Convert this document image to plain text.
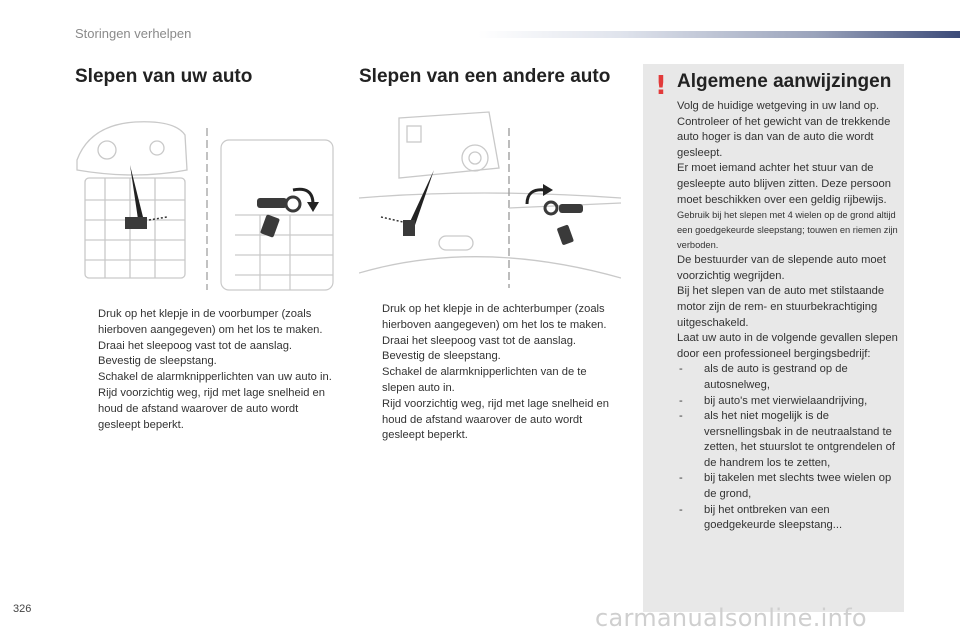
Storingen verhelpen
Slepen van uw auto
Druk op het klepje in de voorbumper (zoals hierboven aangegeven) om het los te maken.
Draai het sleepoog vast tot de aanslag.
Bevestig de sleepstang.
Schakel de alarmknipperlichten van uw auto in.
Rijd voorzichtig weg, rijd met lage snelheid en houd de afstand waarover de auto wordt gesleept beperkt.
Slepen van een andere auto
Druk op het klepje in de achterbumper (zoals hierboven aangegeven) om het los te maken.
Draai het sleepoog vast tot de aanslag.
Bevestig de sleepstang.
Schakel de alarmknipperlichten van de te slepen auto in.
Rijd voorzichtig weg, rijd met lage snelheid en houd de afstand waarover de auto wordt gesleept beperkt.
! Algemene aanwijzingen

Volg de huidige wetgeving in uw land op.

Controleer of het gewicht van de trekkende auto hoger is dan van de auto die wordt gesleept.

Er moet iemand achter het stuur van de gesleepte auto blijven zitten. Deze persoon moet beschikken over een geldig rijbewijs.

Gebruik bij het slepen met 4 wielen op de grond altijd een goedgekeurde sleepstang; touwen en riemen zijn verboden.

De bestuurder van de slepende auto moet voorzichtig wegrijden.

Bij het slepen van de auto met stilstaande motor zijn de rem- en stuurbekrachtiging uitgeschakeld.

Laat uw auto in de volgende gevallen slepen door een professioneel bergingsbedrijf:

- als de auto is gestrand op de autosnelweg,
- bij auto's met vierwielaandrijving,
- als het niet mogelijk is de versnellingsbak in de neutraalstand te zetten, het stuurslot te ontgrendelen of de handrem los te zetten,
- bij takelen met slechts twee wielen op de grond,
- bij het ontbreken van een goedgekeurde sleepstang...
326	carmanualsonline.info
